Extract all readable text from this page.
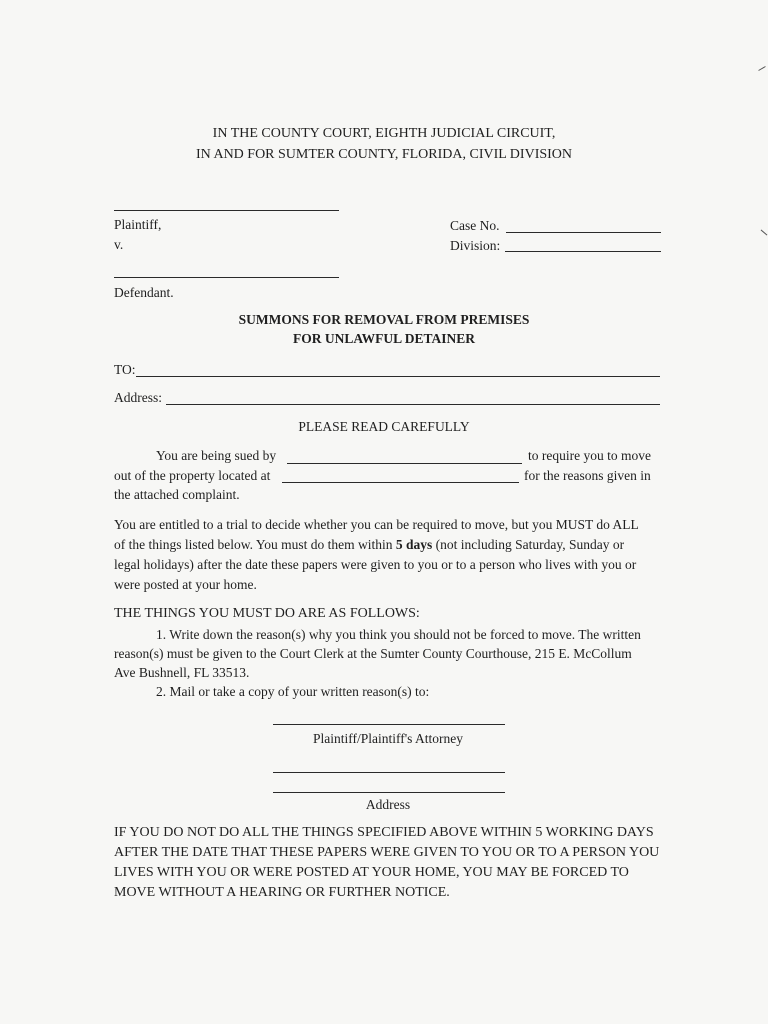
IN THE COUNTY COURT, EIGHTH JUDICIAL CIRCUIT,
IN AND FOR SUMTER COUNTY, FLORIDA, CIVIL DIVISION
Plaintiff,
v.
Case No.
Division:
Defendant.
SUMMONS FOR REMOVAL FROM PREMISES
FOR UNLAWFUL DETAINER
TO:
Address:
PLEASE READ CAREFULLY
You are being sued by	to require you to move
out of the property located at	for the reasons given in
the attached complaint.
You are entitled to a trial to decide whether you can be required to move, but you MUST do ALL
of the things listed below. You must do them within 5 days (not including Saturday, Sunday or
legal holidays) after the date these papers were given to you or to a person who lives with you or
were posted at your home.
THE THINGS YOU MUST DO ARE AS FOLLOWS:
1. Write down the reason(s) why you think you should not be forced to move. The written
reason(s) must be given to the Court Clerk at the Sumter County Courthouse, 215 E. McCollum
Ave Bushnell, FL 33513.
2. Mail or take a copy of your written reason(s) to:
Plaintiff/Plaintiff's Attorney
Address
IF YOU DO NOT DO ALL THE THINGS SPECIFIED ABOVE WITHIN 5 WORKING DAYS
AFTER THE DATE THAT THESE PAPERS WERE GIVEN TO YOU OR TO A PERSON YOU
LIVES WITH YOU OR WERE POSTED AT YOUR HOME, YOU MAY BE FORCED TO
MOVE WITHOUT A HEARING OR FURTHER NOTICE.
